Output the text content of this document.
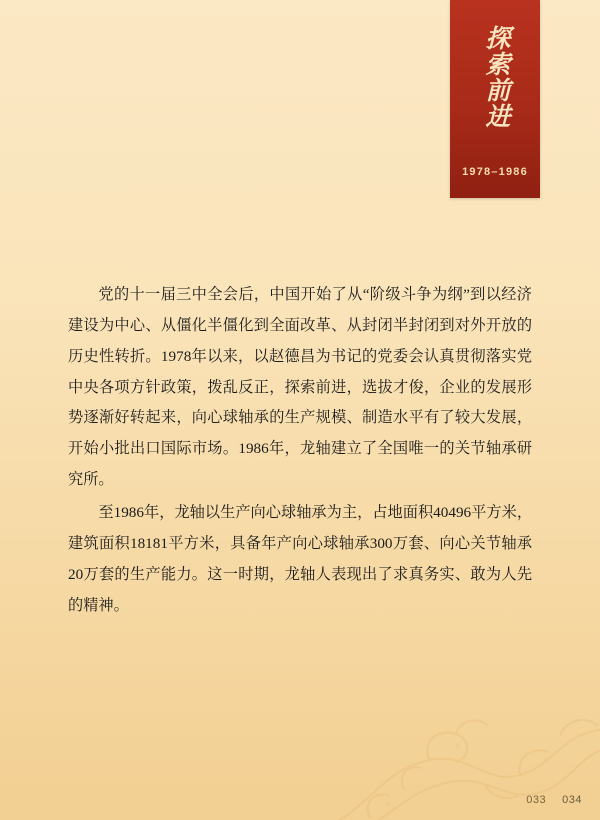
探索前进
1978–1986

党的十一届三中全会后，中国开始了从“阶级斗争为纲”到以经济建设为中心、从僵化半僵化到全面改革、从封闭半封闭到对外开放的历史性转折。1978年以来，以赵德昌为书记的党委会认真贯彻落实党中央各项方针政策，拨乱反正，探索前进，选拔才俊，企业的发展形势逐渐好转起来，向心球轴承的生产规模、制造水平有了较大发展，开始小批出口国际市场。1986年，龙轴建立了全国唯一的关节轴承研究所。

至1986年，龙轴以生产向心球轴承为主，占地面积40496平方米，建筑面积18181平方米，具备年产向心球轴承300万套、向心关节轴承20万套的生产能力。这一时期，龙轴人表现出了求真务实、敢为人先的精神。

033 034
